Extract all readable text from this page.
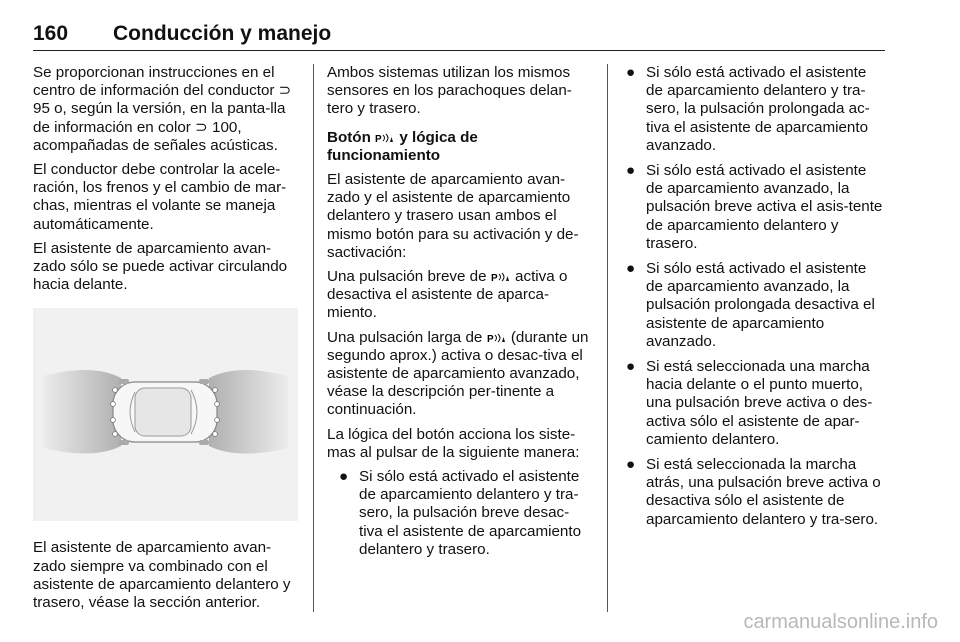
160 Conducción y manejo

Se proporcionan instrucciones en el centro de información del conductor ⊃ 95 o, según la versión, en la panta-lla de información en color ⊃ 100, acompañadas de señales acústicas.

El conductor debe controlar la acele-ración, los frenos y el cambio de mar-chas, mientras el volante se maneja automáticamente.

El asistente de aparcamiento avan-zado sólo se puede activar circulando hacia delante.

El asistente de aparcamiento avan-zado siempre va combinado con el asistente de aparcamiento delantero y trasero, véase la sección anterior.

Ambos sistemas utilizan los mismos sensores en los parachoques delan-tero y trasero.

Botón P y lógica de funcionamiento

El asistente de aparcamiento avan-zado y el asistente de aparcamiento delantero y trasero usan ambos el mismo botón para su activación y de-sactivación:

Una pulsación breve de P activa o desactiva el asistente de aparca-miento.

Una pulsación larga de P (durante un segundo aprox.) activa o desac-tiva el asistente de aparcamiento avanzado, véase la descripción per-tinente a continuación.

La lógica del botón acciona los siste-mas al pulsar de la siguiente manera:

● Si sólo está activado el asistente de aparcamiento delantero y tra-sero, la pulsación breve desac-tiva el asistente de aparcamiento delantero y trasero.
● Si sólo está activado el asistente de aparcamiento delantero y tra-sero, la pulsación prolongada ac-tiva el asistente de aparcamiento avanzado.
● Si sólo está activado el asistente de aparcamiento avanzado, la pulsación breve activa el asis-tente de aparcamiento delantero y trasero.
● Si sólo está activado el asistente de aparcamiento avanzado, la pulsación prolongada desactiva el asistente de aparcamiento avanzado.
● Si está seleccionada una marcha hacia delante o el punto muerto, una pulsación breve activa o des-activa sólo el asistente de apar-camiento delantero.
● Si está seleccionada la marcha atrás, una pulsación breve activa o desactiva sólo el asistente de aparcamiento delantero y tra-sero.
carmanualsonline.info
